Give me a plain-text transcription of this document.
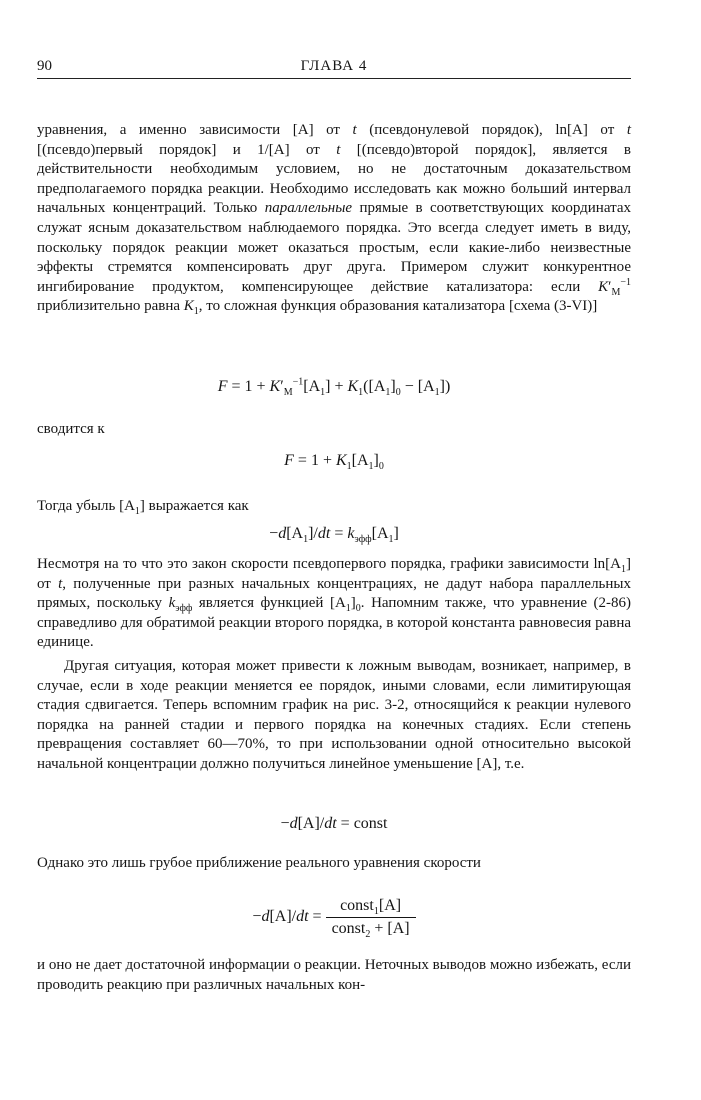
90	ГЛАВА 4
уравнения, а именно зависимости [A] от t (псевдонулевой порядок), ln[A] от t [(псевдо)первый порядок] и 1/[A] от t [(псевдо)второй порядок], является в действительности необходимым условием, но не достаточным доказательством предполагаемого порядка реакции. Необходимо исследовать как можно больший интервал начальных концентраций. Только параллельные прямые в соответствующих координатах служат ясным доказательством наблюдаемого порядка. Это всегда следует иметь в виду, поскольку порядок реакции может оказаться простым, если какие-либо неизвестные эффекты стремятся компенсировать друг друга. Примером служит конкурентное ингибирование продуктом, компенсирующее действие катализатора: если $K'_M^{-1}$ приблизительно равна $K_1$, то сложная функция образования катализатора [схема (3-VI)]
$F = 1 + K'_M^{-1}[A_1] + K_1([A_1]_0 - [A_1])$
сводится к
$F = 1 + K_1[A_1]_0$
Тогда убыль $[A_1]$ выражается как
$-d[A_1]/dt = k_{эфф}[A_1]$
Несмотря на то что это закон скорости псевдопервого порядка, графики зависимости $\ln[A_1]$ от t, полученные при разных начальных концентрациях, не дадут набора параллельных прямых, поскольку $k_{эфф}$ является функцией $[A_1]_0$. Напомним также, что уравнение (2-86) справедливо для обратимой реакции второго порядка, в которой константа равновесия равна единице.
Другая ситуация, которая может привести к ложным выводам, возникает, например, в случае, если в ходе реакции меняется ее порядок, иными словами, если лимитирующая стадия сдвигается. Теперь вспомним график на рис. 3-2, относящийся к реакции нулевого порядка на ранней стадии и первого порядка на конечных стадиях. Если степень превращения составляет 60—70%, то при использовании одной относительно высокой начальной концентрации должно получиться линейное уменьшение [A], т.е.
−d[A]/dt = const
Однако это лишь грубое приближение реального уравнения скорости
$-d[A]/dt = \frac{const_1[A]}{const_2 + [A]}$
и оно не дает достаточной информации о реакции. Неточных выводов можно избежать, если проводить реакцию при различных начальных кон-
